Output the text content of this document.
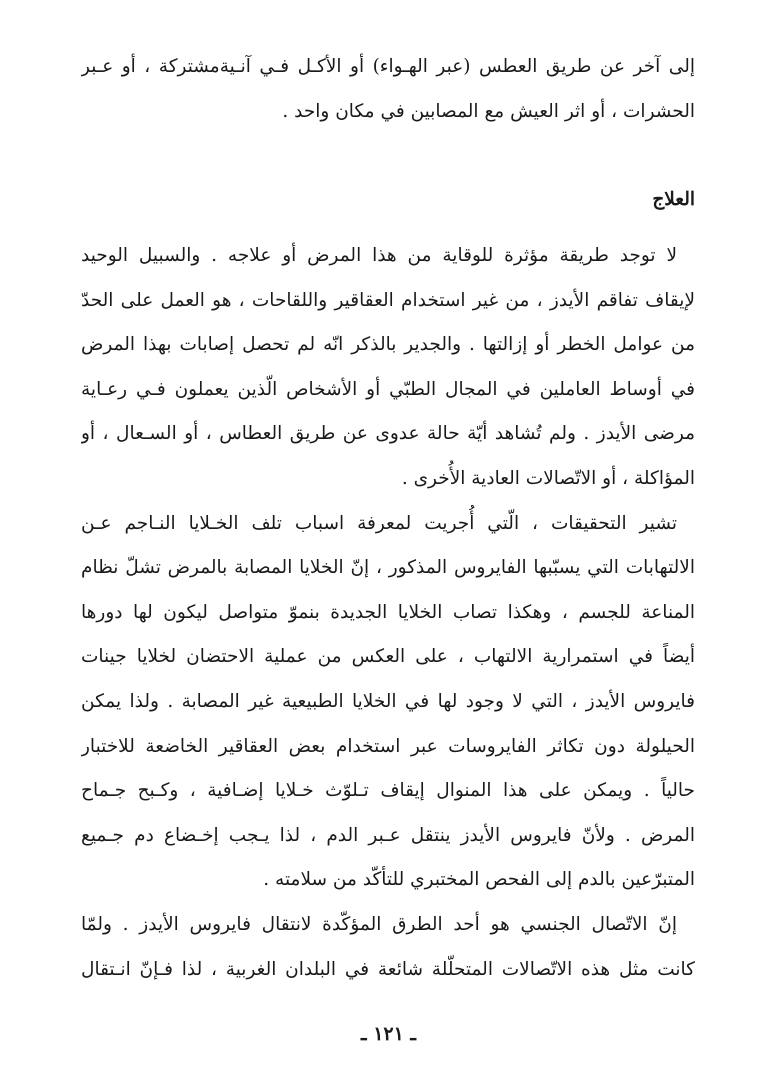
إلى آخر عن طريق العطس (عبر الهـواء) أو الأكـل فـي آنـيةمشتركة ، أو عـبر
الحشرات ، أو اثر العيش مع المصابين في مكان واحد .
العلاج
لا توجد طريقة مؤثرة للوقاية من هذا المرض أو علاجه . والسبيل الوحيد
لإيقاف تفاقم الأيدز ، من غير استخدام العقاقير واللقاحات ، هو العمل على الحدّ
من عوامل الخطر أو إزالتها . والجدير بالذكر انّه لم تحصل إصابات بهذا المرض
في أوساط العاملين في المجال الطبّي أو الأشخاص الّذين يعملون فـي رعـاية
مرضى الأيدز . ولم تُشاهد أيّة حالة عدوى عن طريق العطاس ، أو السـعال ، أو
المؤاكلة ، أو الاتّصالات العادية الأُخرى .
تشير التحقيقات ، الّتي أُجريت لمعرفة اسباب تلف الخـلايا النـاجم عـن
الالتهابات التي يسبّبها الفايروس المذكور ، إنّ الخلايا المصابة بالمرض تشلّ نظام
المناعة للجسم ، وهكذا تصاب الخلايا الجديدة بنموّ متواصل ليكون لها دورها
أيضاً في استمرارية الالتهاب ، على العكس من عملية الاحتضان لخلايا جينات
فايروس الأيدز ، التي لا وجود لها في الخلايا الطبيعية غير المصابة . ولذا يمكن
الحيلولة دون تكاثر الفايروسات عبر استخدام بعض العقاقير الخاضعة للاختبار
حالياً . ويمكن على هذا المنوال إيقاف تـلوّث خـلايا إضـافية ، وكـبح جـماح
المرض . ولأنّ فايروس الأيدز ينتقل عـبر الدم ، لذا يـجب إخـضاع دم جـميع
المتبرّعين بالدم إلى الفحص المختبري للتأكّد من سلامته .
إنّ الاتّصال الجنسي هو أحد الطرق المؤكّدة لانتقال فايروس الأيدز . ولمّا
كانت مثل هذه الاتّصالات المتحلّلة شائعة في البلدان الغربية ، لذا فـإنّ انـتقال
ـ ١٢١ ـ
